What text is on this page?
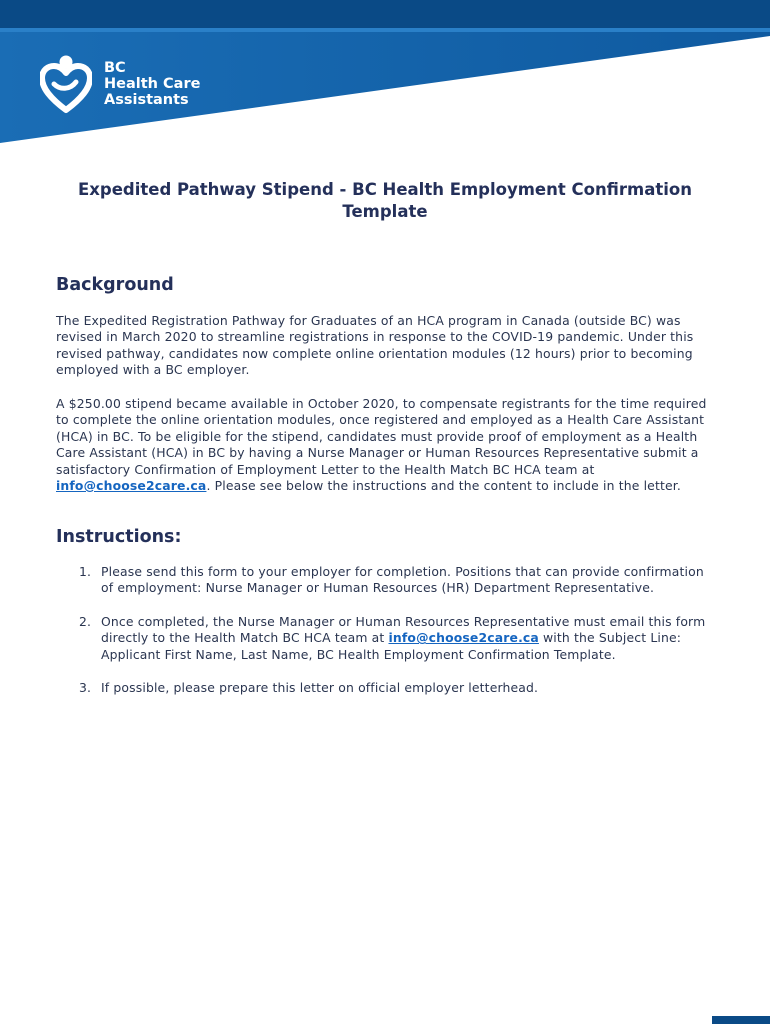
BC
Health Care
Assistants
Expedited Pathway Stipend - BC Health Employment Confirmation Template
Background
The Expedited Registration Pathway for Graduates of an HCA program in Canada (outside BC) was revised in March 2020 to streamline registrations in response to the COVID-19 pandemic. Under this revised pathway, candidates now complete online orientation modules (12 hours) prior to becoming employed with a BC employer.
A $250.00 stipend became available in October 2020, to compensate registrants for the time required to complete the online orientation modules, once registered and employed as a Health Care Assistant (HCA) in BC. To be eligible for the stipend, candidates must provide proof of employment as a Health Care Assistant (HCA) in BC by having a Nurse Manager or Human Resources Representative submit a satisfactory Confirmation of Employment Letter to the Health Match BC HCA team at info@choose2care.ca. Please see below the instructions and the content to include in the letter.
Instructions:
1. Please send this form to your employer for completion. Positions that can provide confirmation of employment: Nurse Manager or Human Resources (HR) Department Representative.
2. Once completed, the Nurse Manager or Human Resources Representative must email this form directly to the Health Match BC HCA team at info@choose2care.ca with the Subject Line: Applicant First Name, Last Name, BC Health Employment Confirmation Template.
3. If possible, please prepare this letter on official employer letterhead.
